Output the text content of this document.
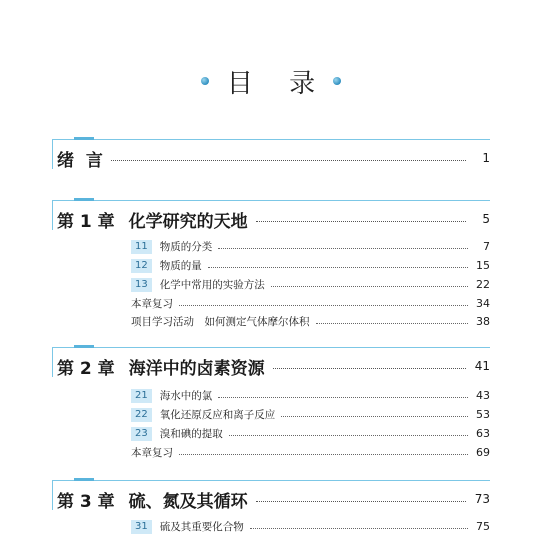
目 录
绪  言	1
第 1 章 化学研究的天地	5
11	物质的分类	7
12	物质的量	15
13	化学中常用的实验方法	22
本章复习	34
项目学习活动　如何测定气体摩尔体积	38
第 2 章 海洋中的卤素资源	41
21	海水中的氯	43
22	氧化还原反应和离子反应	53
23	溴和碘的提取	63
本章复习	69
第 3 章 硫、氮及其循环	73
31	硫及其重要化合物	75
